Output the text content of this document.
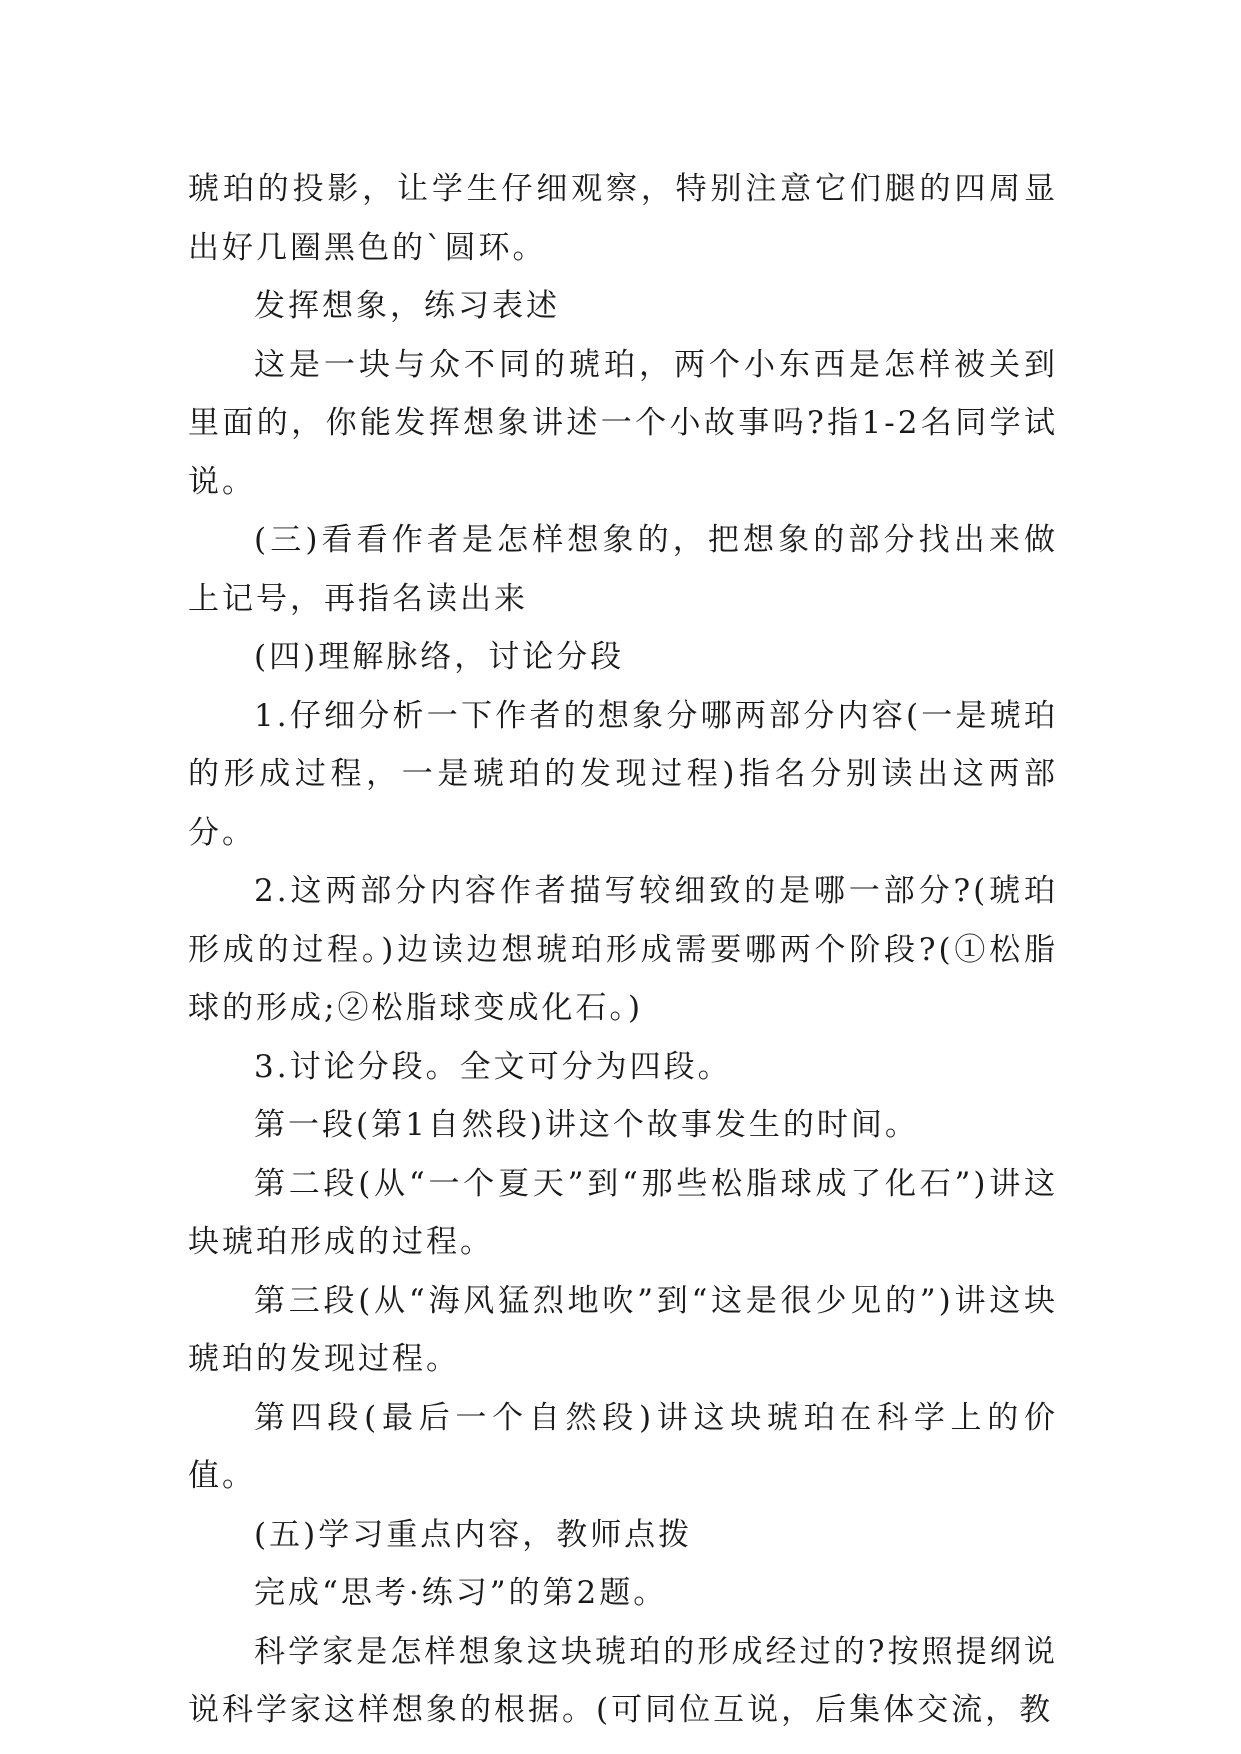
琥珀的投影，让学生仔细观察，特别注意它们腿的四周显出好几圈黑色的`圆环。

发挥想象，练习表述

这是一块与众不同的琥珀，两个小东西是怎样被关到里面的，你能发挥想象讲述一个小故事吗?指1-2名同学试说。

(三)看看作者是怎样想象的，把想象的部分找出来做上记号，再指名读出来

(四)理解脉络，讨论分段

1.仔细分析一下作者的想象分哪两部分内容(一是琥珀的形成过程，一是琥珀的发现过程)指名分别读出这两部分。

2.这两部分内容作者描写较细致的是哪一部分?(琥珀形成的过程。)边读边想琥珀形成需要哪两个阶段?(①松脂球的形成;②松脂球变成化石。)

3.讨论分段。全文可分为四段。

第一段(第1自然段)讲这个故事发生的时间。

第二段(从“一个夏天”到“那些松脂球成了化石”)讲这块琥珀形成的过程。

第三段(从“海风猛烈地吹”到“这是很少见的”)讲这块琥珀的发现过程。

第四段(最后一个自然段)讲这块琥珀在科学上的价值。

(五)学习重点内容，教师点拨

完成“思考·练习”的第2题。

科学家是怎样想象这块琥珀的形成经过的?按照提纲说说科学家这样想象的根据。(可同位互说，后集体交流，教
